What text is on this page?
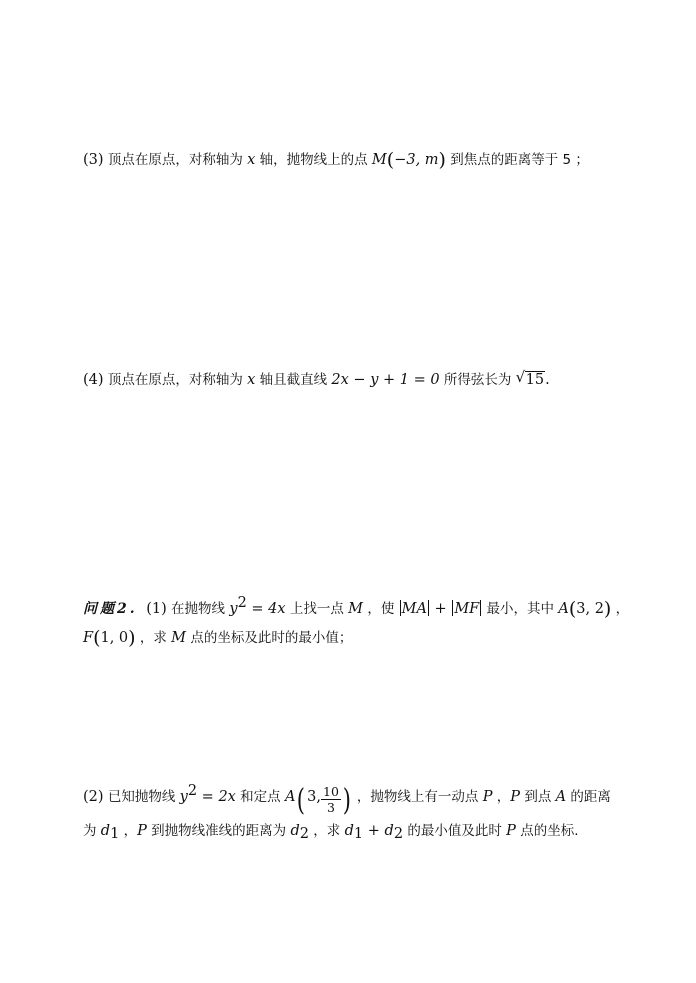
(3) 顶点在原点，对称轴为 x 轴，抛物线上的点 M(−3, m) 到焦点的距离等于 5 ；
(4) 顶点在原点，对称轴为 x 轴且截直线 2x − y + 1 = 0 所得弦长为 √ 15.
问题2. (1) 在抛物线 $y^2 = 4x$ 上找一点 M ，使 MA + MF 最小，其中 A(3, 2) ，
F(1, 0) ，求 M 点的坐标及此时的最小值；
(2) 已知抛物线 $y^2 = 2x$ 和定点 A( 3, $\frac{10}{3}$ ) ，抛物线上有一动点 P ，P 到点 A 的距离
为 $d_1$ ，P 到抛物线准线的距离为 $d_2$ ，求 $d_1 + d_2$ 的最小值及此时 P 点的坐标.
